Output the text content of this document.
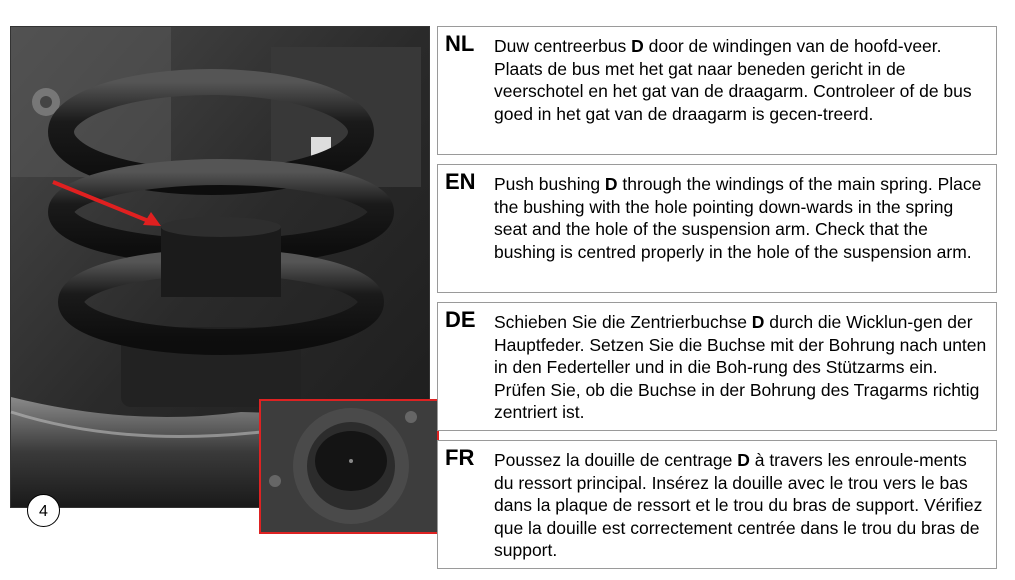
4
NL Duw centreerbus D door de windingen van de hoofd-veer. Plaats de bus met het gat naar beneden gericht in de veerschotel en het gat van de draagarm. Controleer of de bus goed in het gat van de draagarm is gecen-treerd.
EN Push bushing D through the windings of the main spring. Place the bushing with the hole pointing down-wards in the spring seat and the hole of the suspension arm. Check that the bushing is centred properly in the hole of the suspension arm.
DE Schieben Sie die Zentrierbuchse D durch die Wicklun-gen der Hauptfeder. Setzen Sie die Buchse mit der Bohrung nach unten in den Federteller und in die Boh-rung des Stützarms ein. Prüfen Sie, ob die Buchse in der Bohrung des Tragarms richtig zentriert ist.
FR Poussez la douille de centrage D à travers les enroule-ments du ressort principal. Insérez la douille avec le trou vers le bas dans la plaque de ressort et le trou du bras de support. Vérifiez que la douille est correctement centrée dans le trou du bras de support.
